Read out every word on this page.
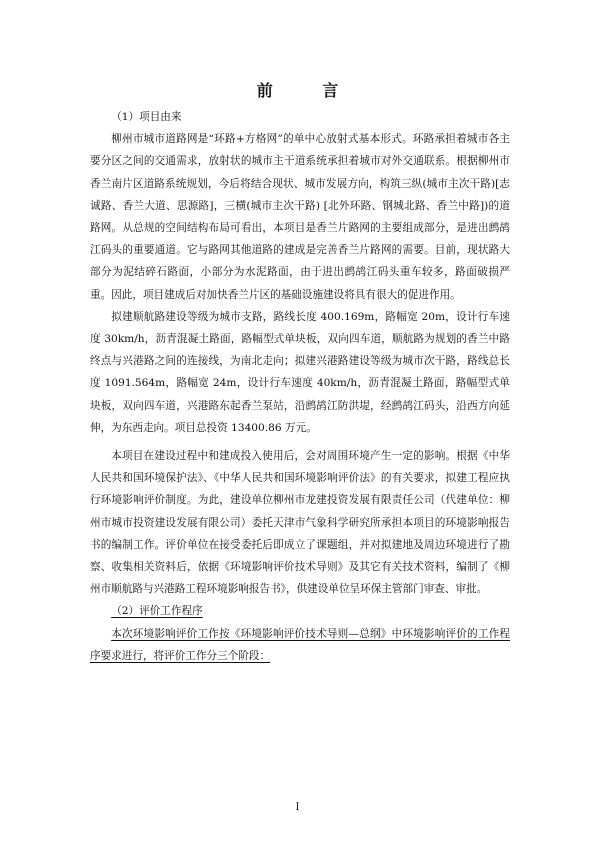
前 言

（1）项目由来

柳州市城市道路网是“环路+方格网”的单中心放射式基本形式。环路承担着城市各主要分区之间的交通需求，放射状的城市主干道系统承担着城市对外交通联系。根据柳州市香兰南片区道路系统规划，今后将结合现状、城市发展方向，构筑三纵(城市主次干路)[志诚路、香兰大道、思源路]，三横(城市主次干路) [北外环路、钢城北路、香兰中路])的道路网。从总规的空间结构布局可看出，本项目是香兰片路网的主要组成部分，是进出鹧鸪江码头的重要通道。它与路网其他道路的建成是完善香兰片路网的需要。目前，现状路大部分为泥结碎石路面，小部分为水泥路面，由于进出鹧鸪江码头重车较多，路面破损严重。因此，项目建成后对加快香兰片区的基础设施建设将具有很大的促进作用。

拟建顺航路建设等级为城市支路，路线长度 400.169m，路幅宽 20m，设计行车速度 30km/h，沥青混凝土路面，路幅型式单块板，双向四车道，顺航路为规划的香兰中路终点与兴港路之间的连接线，为南北走向；拟建兴港路建设等级为城市次干路，路线总长度 1091.564m，路幅宽 24m，设计行车速度 40km/h，沥青混凝土路面，路幅型式单块板，双向四车道，兴港路东起香兰泵站，沿鹧鸪江防洪堤，经鹧鸪江码头，沿西方向延伸，为东西走向。项目总投资 13400.86 万元。

本项目在建设过程中和建成投入使用后，会对周围环境产生一定的影响。根据《中华人民共和国环境保护法》、《中华人民共和国环境影响评价法》的有关要求，拟建工程应执行环境影响评价制度。为此，建设单位柳州市龙建投资发展有限责任公司（代建单位：柳州市城市投资建设发展有限公司）委托天津市气象科学研究所承担本项目的环境影响报告书的编制工作。评价单位在接受委托后即成立了课题组，并对拟建地及周边环境进行了勘察、收集相关资料后，依据《环境影响评价技术导则》及其它有关技术资料，编制了《柳州市顺航路与兴港路工程环境影响报告书》，供建设单位呈环保主管部门审查、审批。

（2）评价工作程序

本次环境影响评价工作按《环境影响评价技术导则—总纲》中环境影响评价的工作程序要求进行，将评价工作分三个阶段：

I
